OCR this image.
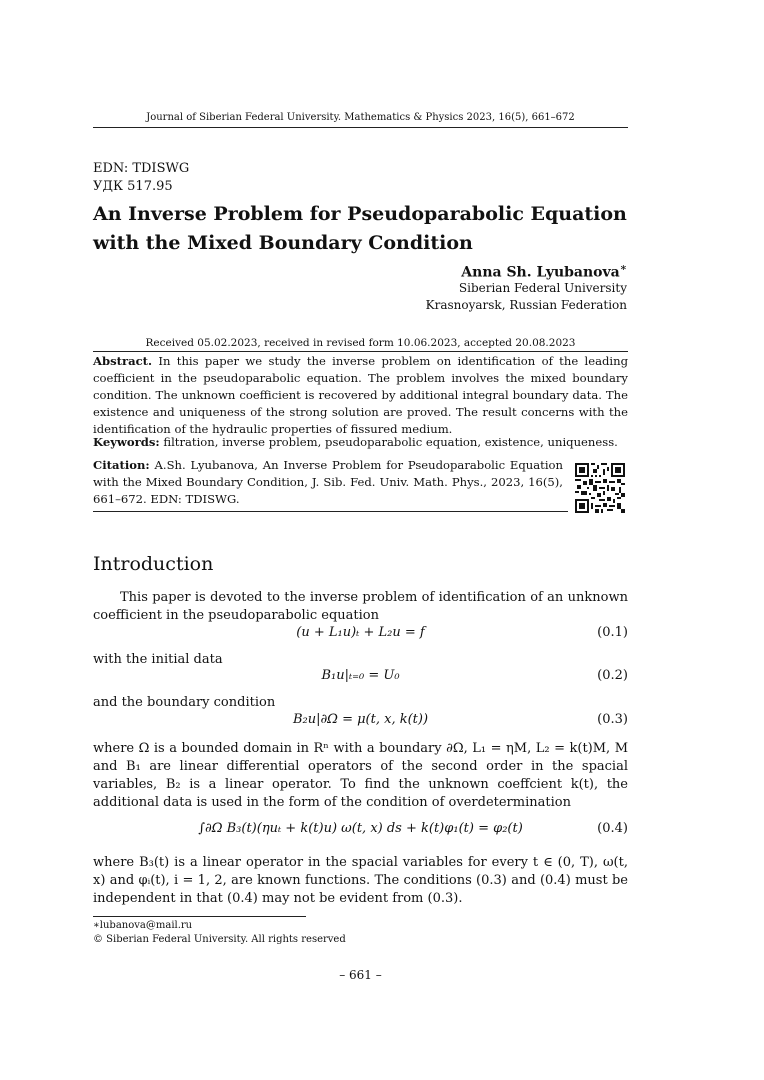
Journal of Siberian Federal University. Mathematics & Physics 2023, 16(5), 661–672
EDN: TDISWG
УДК 517.95
An Inverse Problem for Pseudoparabolic Equation
with the Mixed Boundary Condition
Anna Sh. Lyubanova∗
Siberian Federal University
Krasnoyarsk, Russian Federation
Received 05.02.2023, received in revised form 10.06.2023, accepted 20.08.2023
Abstract. In this paper we study the inverse problem on identification of the leading coefficient in the pseudoparabolic equation. The problem involves the mixed boundary condition. The unknown coefficient is recovered by additional integral boundary data. The existence and uniqueness of the strong solution are proved. The result concerns with the identification of the hydraulic properties of fissured medium.
Keywords: filtration, inverse problem, pseudoparabolic equation, existence, uniqueness.
Citation: A.Sh. Lyubanova, An Inverse Problem for Pseudoparabolic Equation with the Mixed Boundary Condition, J. Sib. Fed. Univ. Math. Phys., 2023, 16(5), 661–672. EDN: TDISWG.
Introduction
This paper is devoted to the inverse problem of identification of an unknown coefficient in the pseudoparabolic equation
(u + L₁u)ₜ + L₂u = f	(0.1)
with the initial data
B₁u|ₜ₌₀ = U₀	(0.2)
and the boundary condition
B₂u|∂Ω = μ(t, x, k(t))	(0.3)
where Ω is a bounded domain in Rⁿ with a boundary ∂Ω, L₁ = ηM, L₂ = k(t)M, M and B₁ are linear differential operators of the second order in the spacial variables, B₂ is a linear operator. To find the unknown coeffcient k(t), the additional data is used in the form of the condition of overdetermination
∫∂Ω B₃(t)(ηuₜ + k(t)u) ω(t, x) ds + k(t)φ₁(t) = φ₂(t)	(0.4)
where B₃(t) is a linear operator in the spacial variables for every t ∈ (0, T), ω(t, x) and φᵢ(t), i = 1, 2, are known functions. The conditions (0.3) and (0.4) must be independent in that (0.4) may not be evident from (0.3).
∗lubanova@mail.ru
© Siberian Federal University. All rights reserved
– 661 –
